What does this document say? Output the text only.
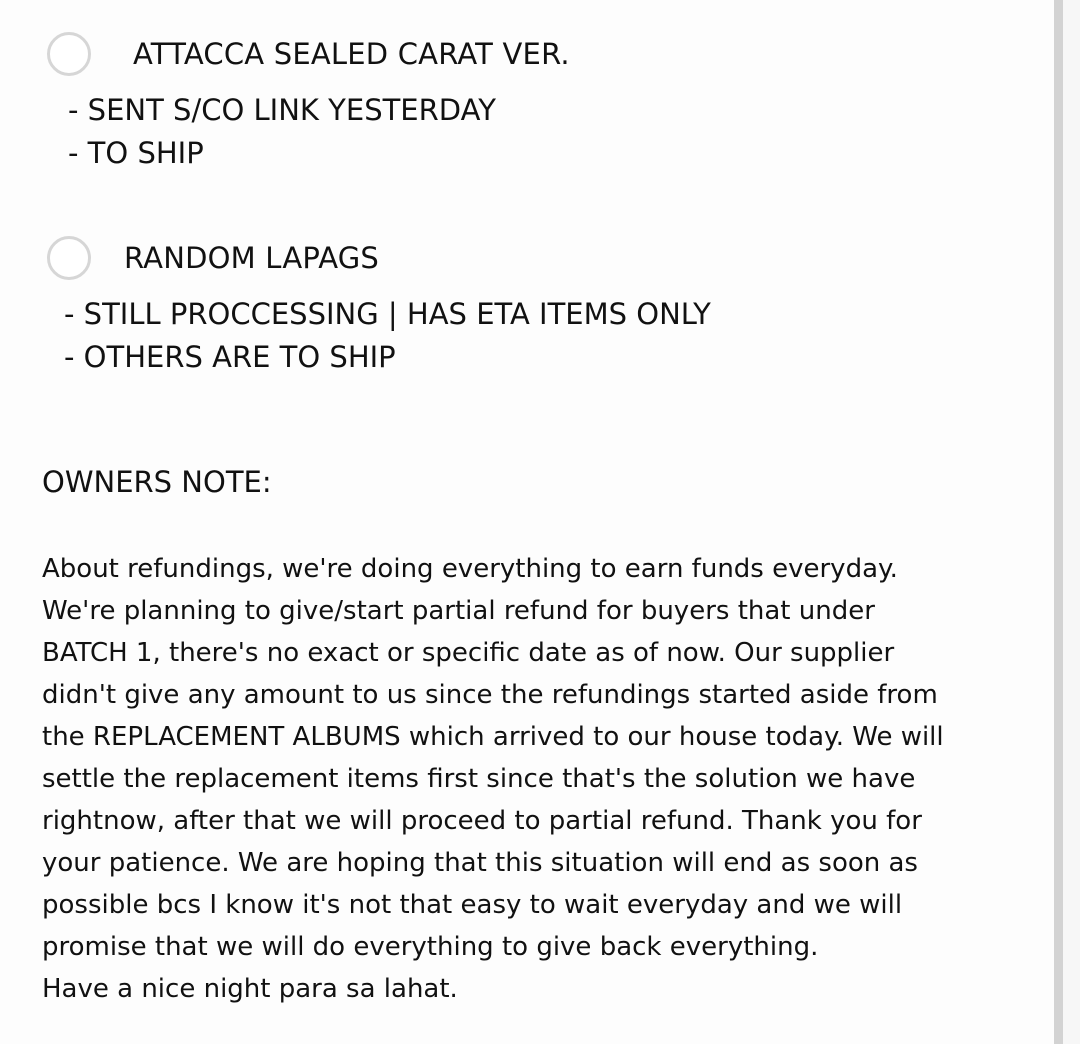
ATTACCA SEALED CARAT VER.
- SENT S/CO LINK YESTERDAY
- TO SHIP
RANDOM LAPAGS
- STILL PROCCESSING | HAS ETA ITEMS ONLY
- OTHERS ARE TO SHIP
OWNERS NOTE:
About refundings, we're doing everything to earn funds everyday.
We're planning to give/start partial refund for buyers that under
BATCH 1, there's no exact or specific date as of now. Our supplier
didn't give any amount to us since the refundings started aside from
the REPLACEMENT ALBUMS which arrived to our house today. We will
settle the replacement items first since that's the solution we have
rightnow, after that we will proceed to partial refund. Thank you for
your patience. We are hoping that this situation will end as soon as
possible bcs I know it's not that easy to wait everyday and we will
promise that we will do everything to give back everything.
Have a nice night para sa lahat.
